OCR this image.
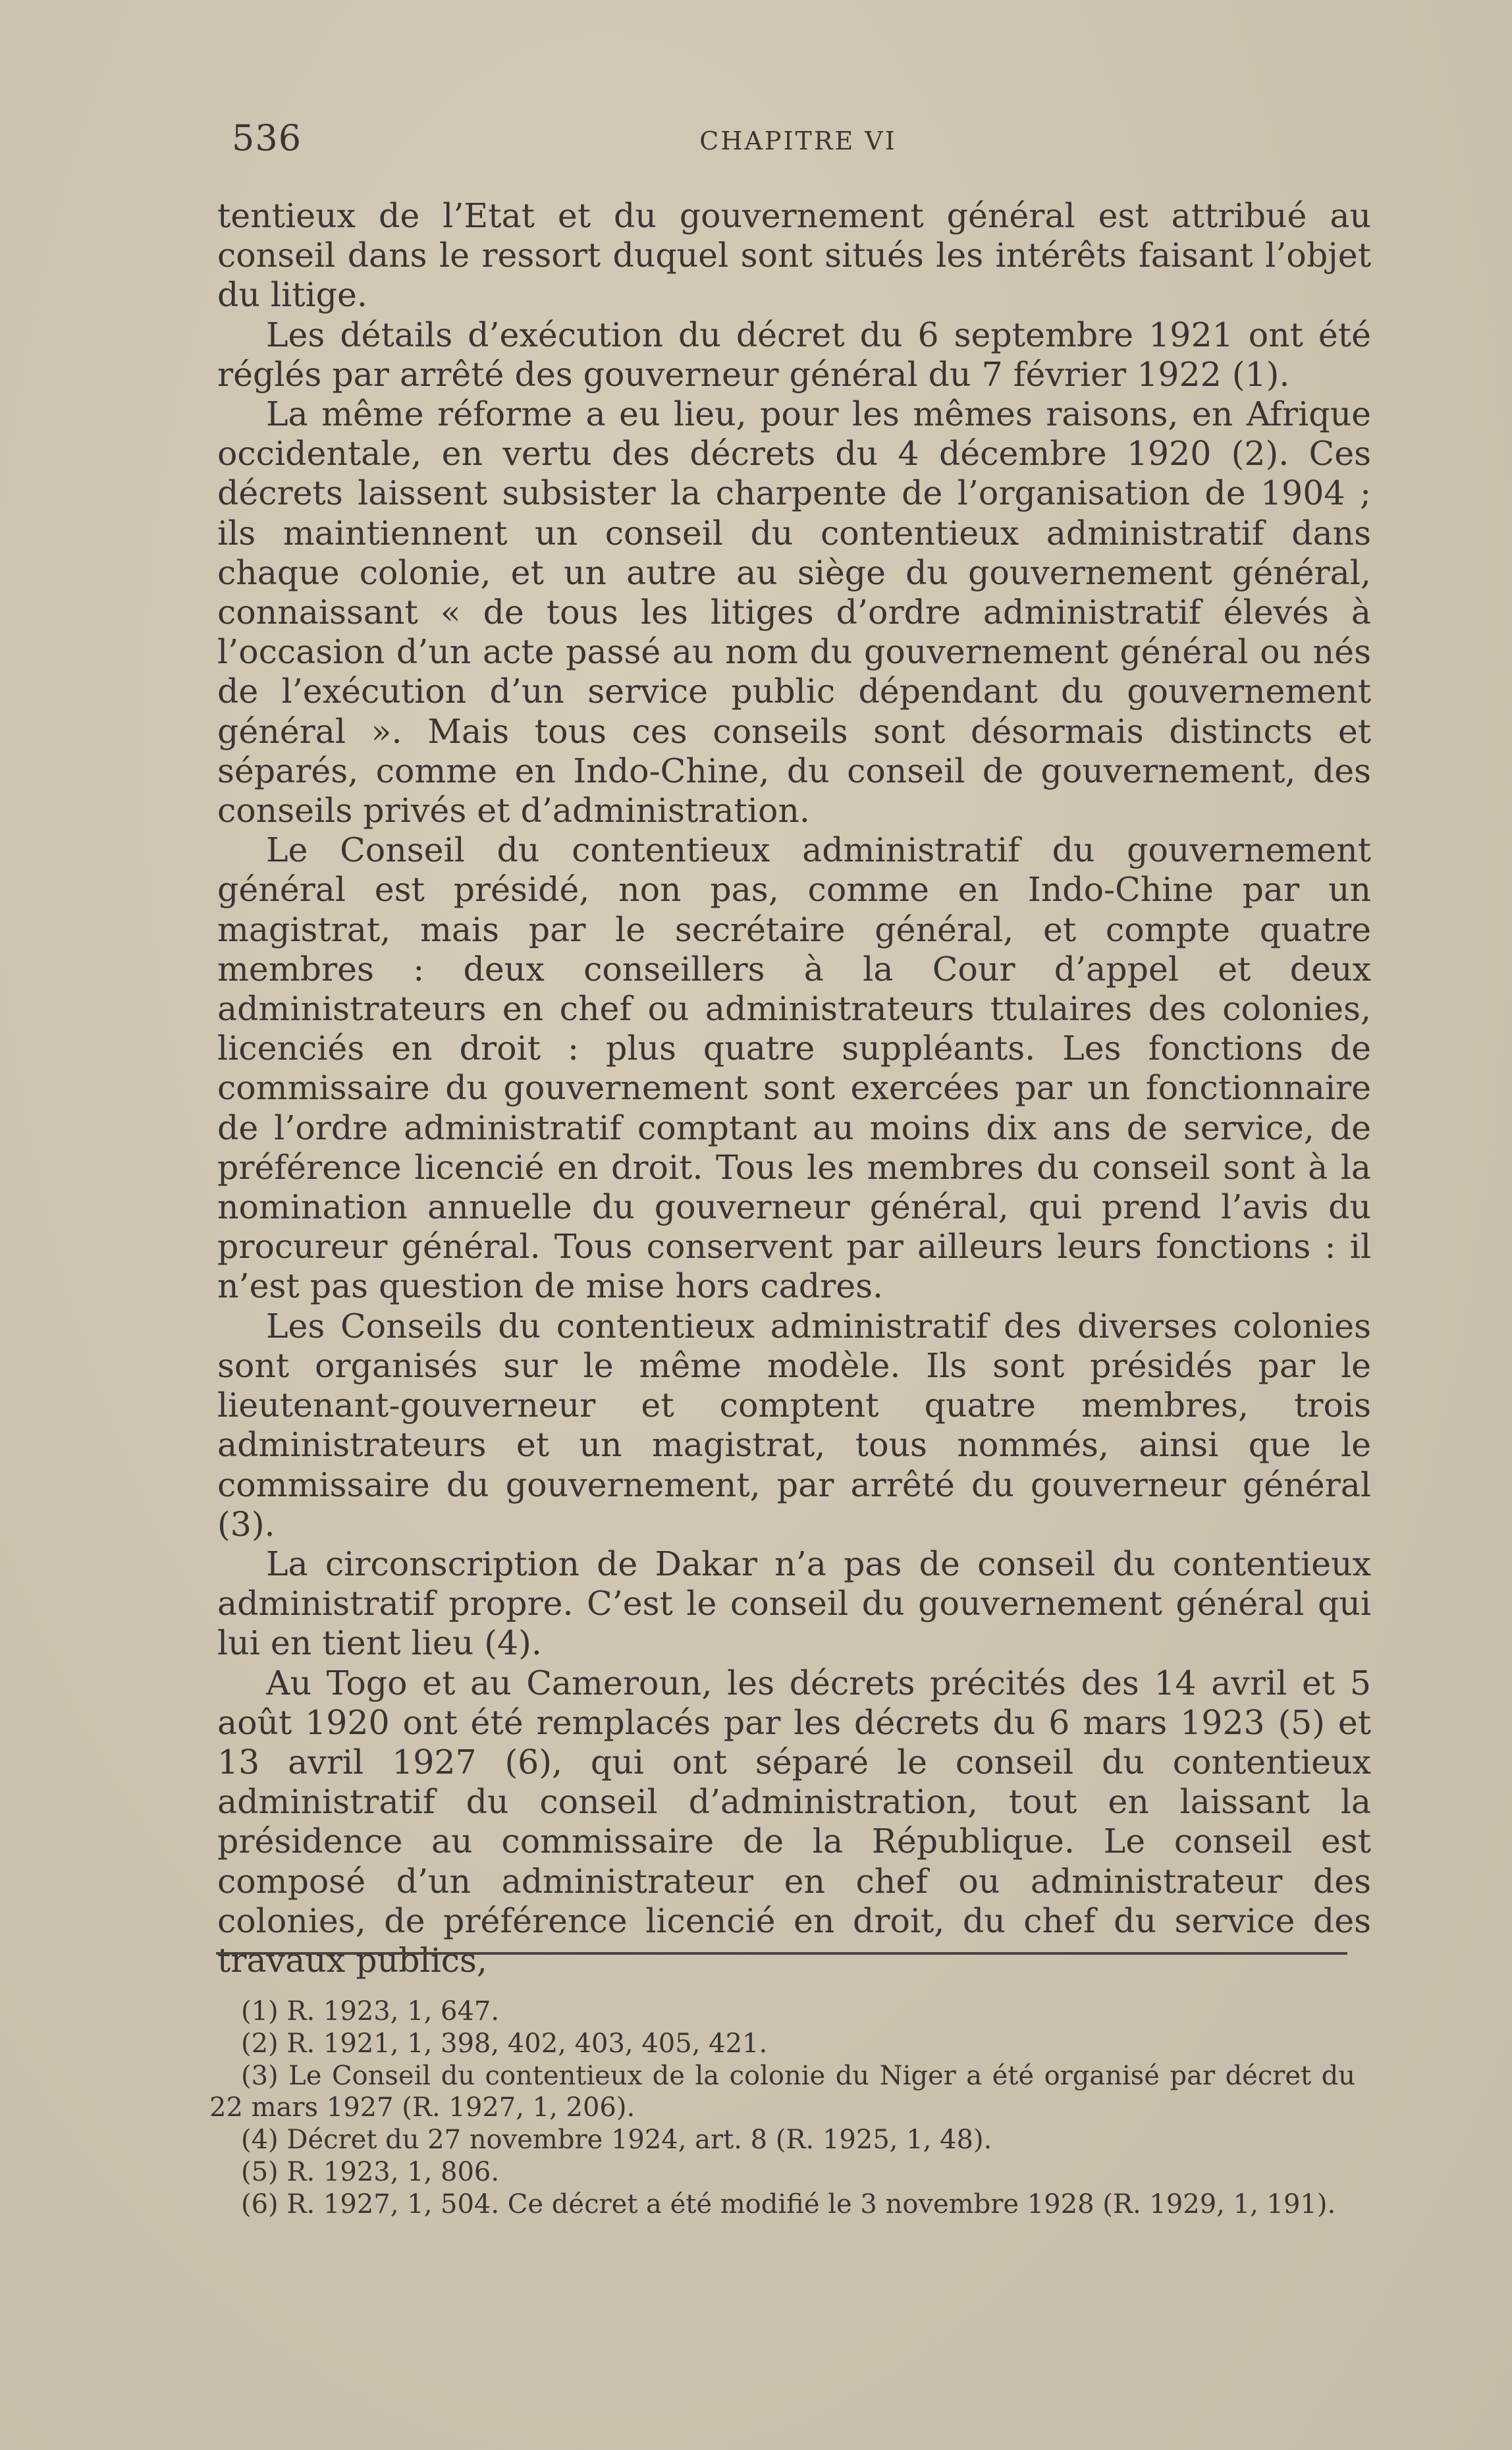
536	CHAPITRE VI

tentieux de l’Etat et du gouvernement général est attribué au conseil dans le ressort duquel sont situés les intérêts faisant l’objet du litige.

Les détails d’exécution du décret du 6 septembre 1921 ont été réglés par arrêté des gouverneur général du 7 février 1922 (1).

La même réforme a eu lieu, pour les mêmes raisons, en Afrique occidentale, en vertu des décrets du 4 décembre 1920 (2). Ces décrets laissent subsister la charpente de l’organisation de 1904 ; ils maintiennent un conseil du contentieux administratif dans chaque colonie, et un autre au siège du gouvernement général, connaissant « de tous les litiges d’ordre administratif élevés à l’occasion d’un acte passé au nom du gouvernement général ou nés de l’exécution d’un service public dépendant du gouvernement général ». Mais tous ces conseils sont désormais distincts et séparés, comme en Indo-Chine, du conseil de gouvernement, des conseils privés et d’administration.

Le Conseil du contentieux administratif du gouvernement général est présidé, non pas, comme en Indo-Chine par un magistrat, mais par le secrétaire général, et compte quatre membres : deux conseillers à la Cour d’appel et deux administrateurs en chef ou administrateurs ttulaires des colonies, licenciés en droit : plus quatre suppléants. Les fonctions de commissaire du gouvernement sont exercées par un fonctionnaire de l’ordre administratif comptant au moins dix ans de service, de préférence licencié en droit. Tous les membres du conseil sont à la nomination annuelle du gouverneur général, qui prend l’avis du procureur général. Tous conservent par ailleurs leurs fonctions : il n’est pas question de mise hors cadres.

Les Conseils du contentieux administratif des diverses colonies sont organisés sur le même modèle. Ils sont présidés par le lieutenant-gouverneur et comptent quatre membres, trois administrateurs et un magistrat, tous nommés, ainsi que le commissaire du gouvernement, par arrêté du gouverneur général (3).

La circonscription de Dakar n’a pas de conseil du contentieux administratif propre. C’est le conseil du gouvernement général qui lui en tient lieu (4).

Au Togo et au Cameroun, les décrets précités des 14 avril et 5 août 1920 ont été remplacés par les décrets du 6 mars 1923 (5) et 13 avril 1927 (6), qui ont séparé le conseil du contentieux administratif du conseil d’administration, tout en laissant la présidence au commissaire de la République. Le conseil est composé d’un administrateur en chef ou administrateur des colonies, de préférence licencié en droit, du chef du service des travaux publics,

(1) R. 1923, 1, 647.

(2) R. 1921, 1, 398, 402, 403, 405, 421.

(3) Le Conseil du contentieux de la colonie du Niger a été organisé par décret du 22 mars 1927 (R. 1927, 1, 206).

(4) Décret du 27 novembre 1924, art. 8 (R. 1925, 1, 48).

(5) R. 1923, 1, 806.

(6) R. 1927, 1, 504. Ce décret a été modifié le 3 novembre 1928 (R. 1929, 1, 191).
